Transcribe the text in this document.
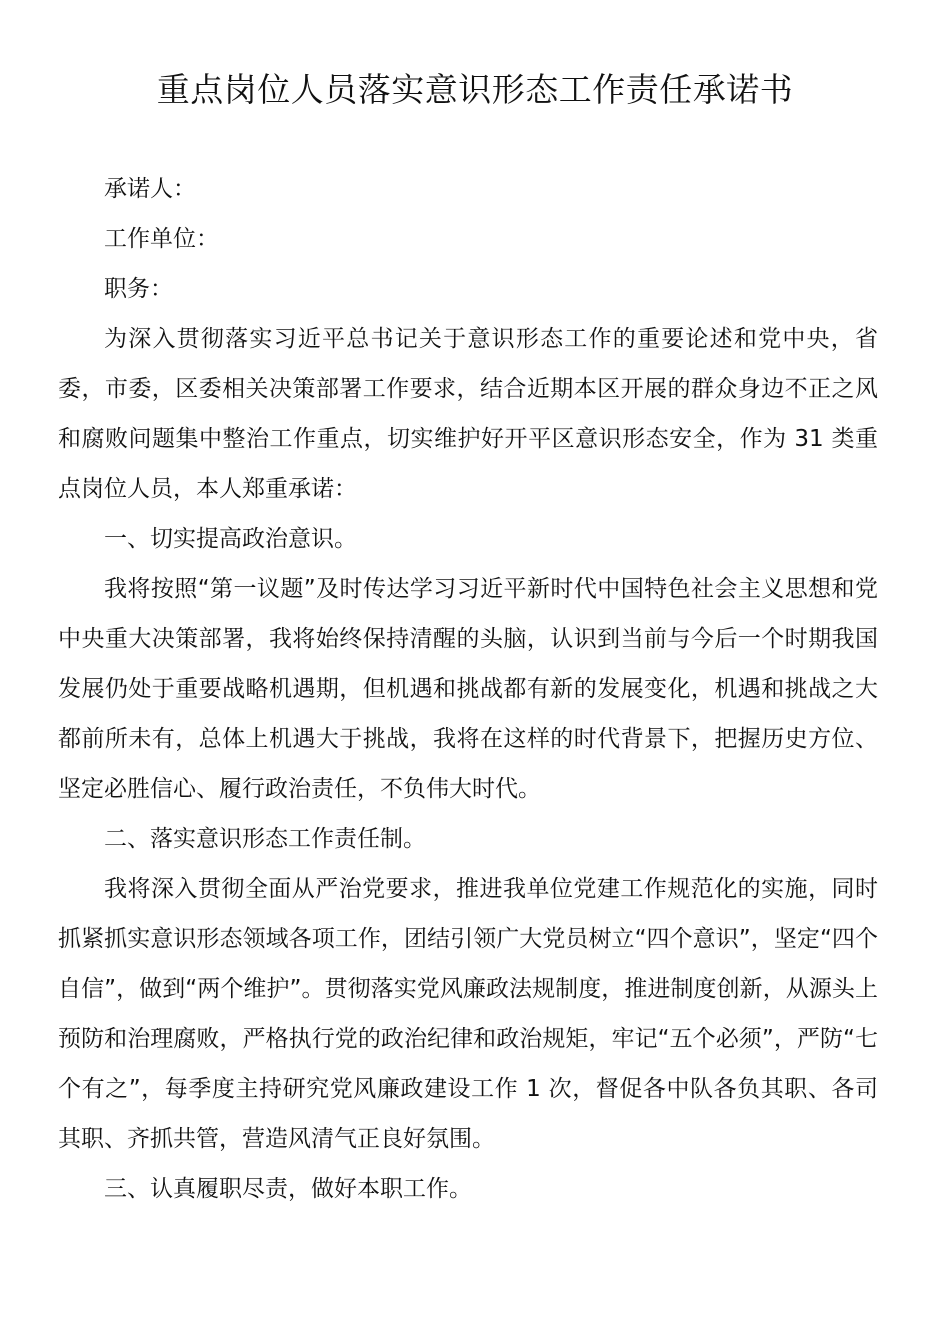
重点岗位人员落实意识形态工作责任承诺书

承诺人：

工作单位：

职务：

为深入贯彻落实习近平总书记关于意识形态工作的重要论述和党中央，省委，市委，区委相关决策部署工作要求，结合近期本区开展的群众身边不正之风和腐败问题集中整治工作重点，切实维护好开平区意识形态安全，作为 31 类重点岗位人员，本人郑重承诺：

一、切实提高政治意识。

我将按照“第一议题”及时传达学习习近平新时代中国特色社会主义思想和党中央重大决策部署，我将始终保持清醒的头脑，认识到当前与今后一个时期我国发展仍处于重要战略机遇期，但机遇和挑战都有新的发展变化，机遇和挑战之大都前所未有，总体上机遇大于挑战，我将在这样的时代背景下，把握历史方位、坚定必胜信心、履行政治责任，不负伟大时代。

二、落实意识形态工作责任制。

我将深入贯彻全面从严治党要求，推进我单位党建工作规范化的实施，同时抓紧抓实意识形态领域各项工作，团结引领广大党员树立“四个意识”，坚定“四个自信”，做到“两个维护”。贯彻落实党风廉政法规制度，推进制度创新，从源头上预防和治理腐败，严格执行党的政治纪律和政治规矩，牢记“五个必须”，严防“七个有之”，每季度主持研究党风廉政建设工作 1 次，督促各中队各负其职、各司其职、齐抓共管，营造风清气正良好氛围。

三、认真履职尽责，做好本职工作。
